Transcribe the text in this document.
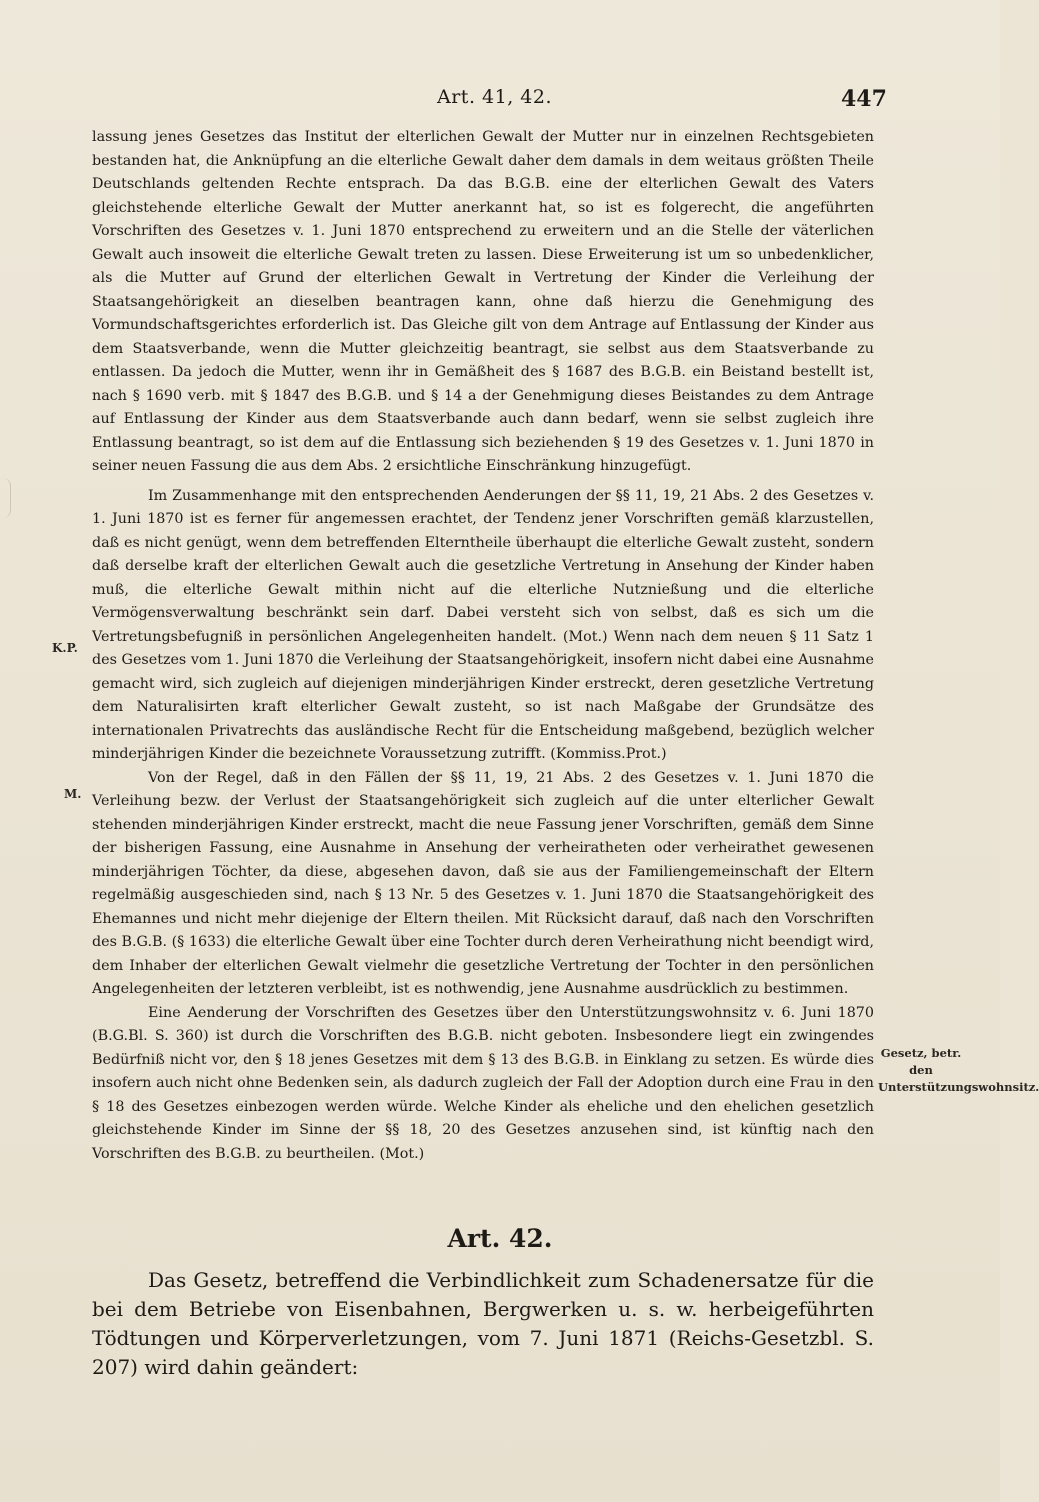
Art. 41, 42.	447

lassung jenes Gesetzes das Institut der elterlichen Gewalt der Mutter nur in einzelnen Rechtsgebieten bestanden hat, die Anknüpfung an die elterliche Gewalt daher dem damals in dem weitaus größten Theile Deutschlands geltenden Rechte entsprach. Da das B.G.B. eine der elterlichen Gewalt des Vaters gleichstehende elterliche Gewalt der Mutter anerkannt hat, so ist es folgerecht, die angeführten Vorschriften des Gesetzes v. 1. Juni 1870 entsprechend zu erweitern und an die Stelle der väterlichen Gewalt auch insoweit die elterliche Gewalt treten zu lassen. Diese Erweiterung ist um so unbedenklicher, als die Mutter auf Grund der elterlichen Gewalt in Vertretung der Kinder die Verleihung der Staatsangehörigkeit an dieselben beantragen kann, ohne daß hierzu die Genehmigung des Vormundschaftsgerichtes erforderlich ist. Das Gleiche gilt von dem Antrage auf Entlassung der Kinder aus dem Staatsverbande, wenn die Mutter gleichzeitig beantragt, sie selbst aus dem Staatsverbande zu entlassen. Da jedoch die Mutter, wenn ihr in Gemäßheit des § 1687 des B.G.B. ein Beistand bestellt ist, nach § 1690 verb. mit § 1847 des B.G.B. und § 14 a der Genehmigung dieses Beistandes zu dem Antrage auf Entlassung der Kinder aus dem Staatsverbande auch dann bedarf, wenn sie selbst zugleich ihre Entlassung beantragt, so ist dem auf die Entlassung sich beziehenden § 19 des Gesetzes v. 1. Juni 1870 in seiner neuen Fassung die aus dem Abs. 2 ersichtliche Einschränkung hinzugefügt.

Im Zusammenhange mit den entsprechenden Aenderungen der §§ 11, 19, 21 Abs. 2 des Gesetzes v. 1. Juni 1870 ist es ferner für angemessen erachtet, der Tendenz jener Vorschriften gemäß klarzustellen, daß es nicht genügt, wenn dem betreffenden Elterntheile überhaupt die elterliche Gewalt zusteht, sondern daß derselbe kraft der elterlichen Gewalt auch die gesetzliche Vertretung in Ansehung der Kinder haben muß, die elterliche Gewalt mithin nicht auf die elterliche Nutznießung und die elterliche Vermögensverwaltung beschränkt sein darf. Dabei versteht sich von selbst, daß es sich um die Vertretungsbefugniß in persönlichen Angelegenheiten handelt. (Mot.) Wenn nach dem neuen § 11 Satz 1 des Gesetzes vom 1. Juni 1870 die Verleihung der Staatsangehörigkeit, insofern nicht dabei eine Ausnahme gemacht wird, sich zugleich auf diejenigen minderjährigen Kinder erstreckt, deren gesetzliche Vertretung dem Naturalisirten kraft elterlicher Gewalt zusteht, so ist nach Maßgabe der Grundsätze des internationalen Privatrechts das ausländische Recht für die Entscheidung maßgebend, bezüglich welcher minderjährigen Kinder die bezeichnete Voraussetzung zutrifft. (Kommiss.Prot.)

Von der Regel, daß in den Fällen der §§ 11, 19, 21 Abs. 2 des Gesetzes v. 1. Juni 1870 die Verleihung bezw. der Verlust der Staatsangehörigkeit sich zugleich auf die unter elterlicher Gewalt stehenden minderjährigen Kinder erstreckt, macht die neue Fassung jener Vorschriften, gemäß dem Sinne der bisherigen Fassung, eine Ausnahme in Ansehung der verheiratheten oder verheirathet gewesenen minderjährigen Töchter, da diese, abgesehen davon, daß sie aus der Familiengemeinschaft der Eltern regelmäßig ausgeschieden sind, nach § 13 Nr. 5 des Gesetzes v. 1. Juni 1870 die Staatsangehörigkeit des Ehemannes und nicht mehr diejenige der Eltern theilen. Mit Rücksicht darauf, daß nach den Vorschriften des B.G.B. (§ 1633) die elterliche Gewalt über eine Tochter durch deren Verheirathung nicht beendigt wird, dem Inhaber der elterlichen Gewalt vielmehr die gesetzliche Vertretung der Tochter in den persönlichen Angelegenheiten der letzteren verbleibt, ist es nothwendig, jene Ausnahme ausdrücklich zu bestimmen.

Eine Aenderung der Vorschriften des Gesetzes über den Unterstützungswohnsitz v. 6. Juni 1870 (B.G.Bl. S. 360) ist durch die Vorschriften des B.G.B. nicht geboten. Insbesondere liegt ein zwingendes Bedürfniß nicht vor, den § 18 jenes Gesetzes mit dem § 13 des B.G.B. in Einklang zu setzen. Es würde dies insofern auch nicht ohne Bedenken sein, als dadurch zugleich der Fall der Adoption durch eine Frau in den § 18 des Gesetzes einbezogen werden würde. Welche Kinder als eheliche und den ehelichen gesetzlich gleichstehende Kinder im Sinne der §§ 18, 20 des Gesetzes anzusehen sind, ist künftig nach den Vorschriften des B.G.B. zu beurtheilen. (Mot.)

K.P.
M.
Gesetz, betr. den Unterstützungswohnsitz.
Art. 42.

Das Gesetz, betreffend die Verbindlichkeit zum Schadenersatze für die bei dem Betriebe von Eisenbahnen, Bergwerken u. s. w. herbeigeführten Tödtungen und Körperverletzungen, vom 7. Juni 1871 (Reichs-Gesetzbl. S. 207) wird dahin geändert:
